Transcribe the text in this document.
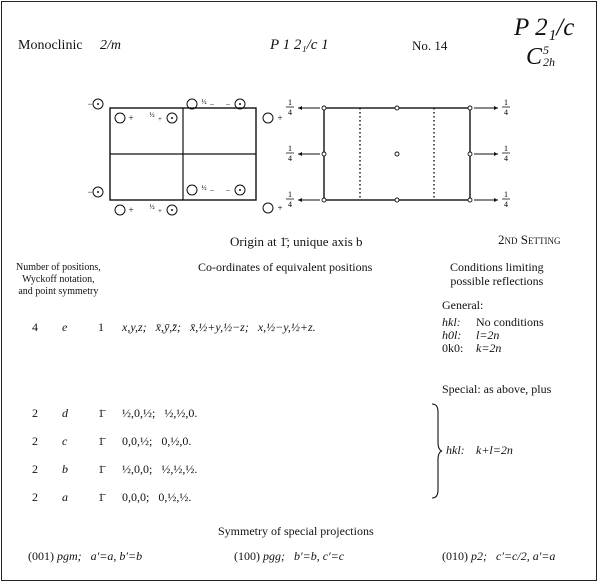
Monoclinic 2/m	P 1 2₁/c 1	No. 14
P 2₁/c
C 5
2h
−
+ ½ +
½ − −
+
−	½ − −
+ ½ +	+
1
4
1
4
1
4
1
4
1
4
1
4
Origin at 1̄; unique axis b	2nd Setting
Number of positions,
Wyckoff notation,
and point symmetry
Co-ordinates of equivalent positions	Conditions limiting
possible reflections
General:
4 e	1 x,y,z;   x̄,ȳ,z̄;   x̄,½+y,½−z;   x,½−y,½+z.	hkl: No conditions
h0l: l=2n
0k0: k=2n
Special: as above, plus
2 d	1̄ ½,0,½;   ½,½,0.
2 c	1̄ 0,0,½;   0,½,0.
2 b	1̄ ½,0,0;   ½,½,½.
2 a	1̄ 0,0,0;   0,½,½.
hkl: k+l=2n
Symmetry of special projections
(001) pgm; a′=a, b′=b	(100) pgg; b′=b, c′=c	(010) p2; c′=c/2, a′=a
